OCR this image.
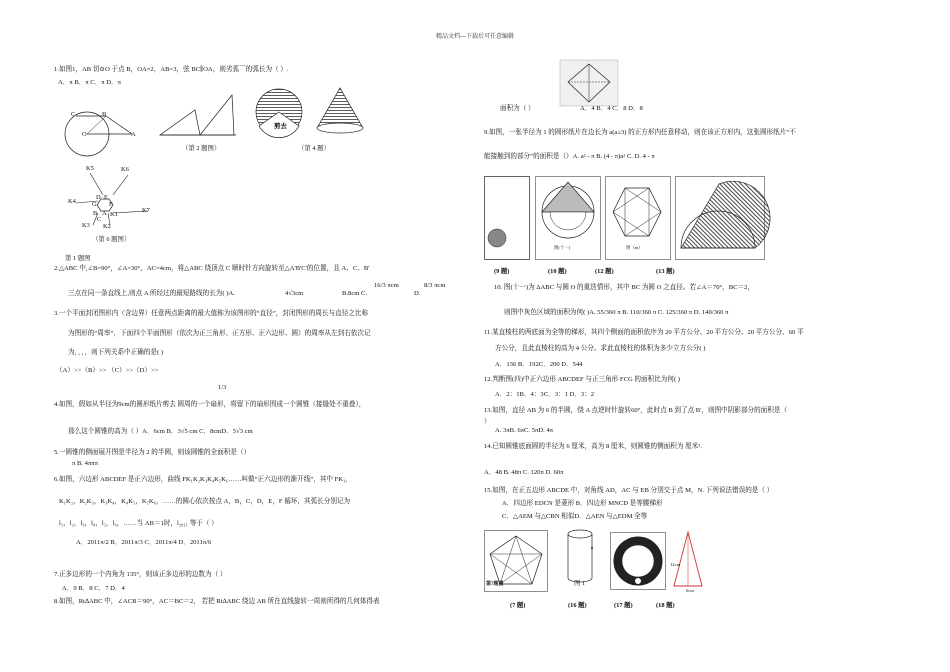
精品文档---下载后可任意编辑
1.如图1，AB 切⊙O 于点 B，OA=2，AB=3，弦 BC∥OA，则劣弧⌒的弧长为（ ）.
A．π B．π C．π D．π
C	B
O	A
（第 2 题图）
剪去
（第 4 题）
K5	K6
K4
D E
G F
B A K1
K3 K2
C
K7
（第 6 题图）
第 1 题图
2.△ABC 中,∠B=90°，∠A=30°，AC=4cm，将△ABC 绕顶点 C 顺时针方向旋转至△A'B'C'的位置，且 A、C、B'
三点在同一条直线上,则点 A 所经过的最短路线的长为( )A.	4√3cm	B.8cm C.
16/3 πcm
D.
8/3 πcm
3.一个平面封闭图形内（含边界）任意两点距离的最大值称为该图形的“直径”，封闭图形的周长与直径之比称
为图形的“周率”，下面四个平面图形（依次为正三角形、正方形、正六边形、圆）的周率从左到右依次记
为，，，，则下列关系中正确的是( )
（A）>>（B）>> （C）>>（D）>>
1/3
4.如图，假如从半径为9cm的圆形纸片剪去 圆周的一个扇形，将留下的扇形围成一个圆锥（接缝处不重叠），
那么这个圆锥的高为（ ）A．6cm B．3√5 cm C．8cmD．5√3 cm
5.一圆锥的侧面展开图是半径为 2 的半圆，则该圆锥的全面积是（）
π B. 4πππ
6.如图，六边形 ABCDEF 是正六边形，曲线 FK₁K₂K₃K₄K₅K₆……叫做“正六边形的渐开线”，其中 FK₁,
K₁K₂，K₂K₃，K₃K₄，K₄K₅，K₅K₆，……的圆心依次按点 A，B，C，D，E，F 循环，其弧长分别记为
l₁，l₂，l₃，l₄，l₅，l₆，……当 AB＝1时，l₂₀₁₁ 等于（ ）
A．2011π/2 B．2011π/3 C．2011π/4 D．2011π/6
7.正多边形的一个内角为 135°，则该正多边形的边数为（ ）
A．9 B．8 C．7 D．4
8.如图，Rt∆ABC 中，∠ACB＝90°，AC＝BC＝2， 若把 Rt∆ABC 绕边 AB 所在直线旋转一周则所得的几何体得表
面积为（ ）	A．4 B．4 C．8 D．8
9.如图，一张半径为 1 的圆形纸片在边长为 a(a≥3) 的正方形内任意移动，则在该正方形内，这张圆形纸片“不
能接触到的部分”的面积是（）A. a² - π B. (4 - π)a² C. D. 4 - π
图(十一)	图（m）
(9 题)	(10 题)	(12 题)	(13 题)
10. 图(十一)为 ΔABC 与圆 O 的重迭情形，其中 BC 为圆 O 之直径。若∠A＝70°，BC＝2，
则图中灰色区域的面积为何( )A. 55/360 π B. 110/360 π C. 125/360 π D. 140/360 π
11.某直棱柱的两底面为全等的梯形，其四个侧面的面积依序为 20 平方公分、20 平方公分、20 平方公分、60 平
方公分，且此直棱柱的高为 4 公分。求此直棱柱的体积为多少立方公分( )
A．136 B．192C．200 D．544
12.判断图(四)中正六边形 ABCDEF 与正三角形 FCG 的面积比为何( )
A．2：1B．4：3C．3：1 D．3：2
13.如图，直径 AB 为 6 的半圆，绕 A 点逆时针旋转60°，此时点 B 到了点 B'，则图中阴影部分的面积是（
）
A. 3πB. 6πC. 5πD. 4π
14.已知圆锥底面圆的半径为 6 厘米，高为 8 厘米，则圆锥的侧面积为 厘米².
A．48 B. 48π C. 120π D. 60π
15.如图，在正五边形 ABCDE 中，对角线 AD，AC 与 EB 分别交于点 M，N. 下列说法错误的是（ ）
A．四边形 EDCN 是菱形 B．四边形 MNCD 是等腰梯形
C．△AEM 与△CBN 相似D．△AEN 与△EDM 全等
第7题图	图 1
12cm
6cm
(7 题)	(16 题)	(17 题)	(18 题)
